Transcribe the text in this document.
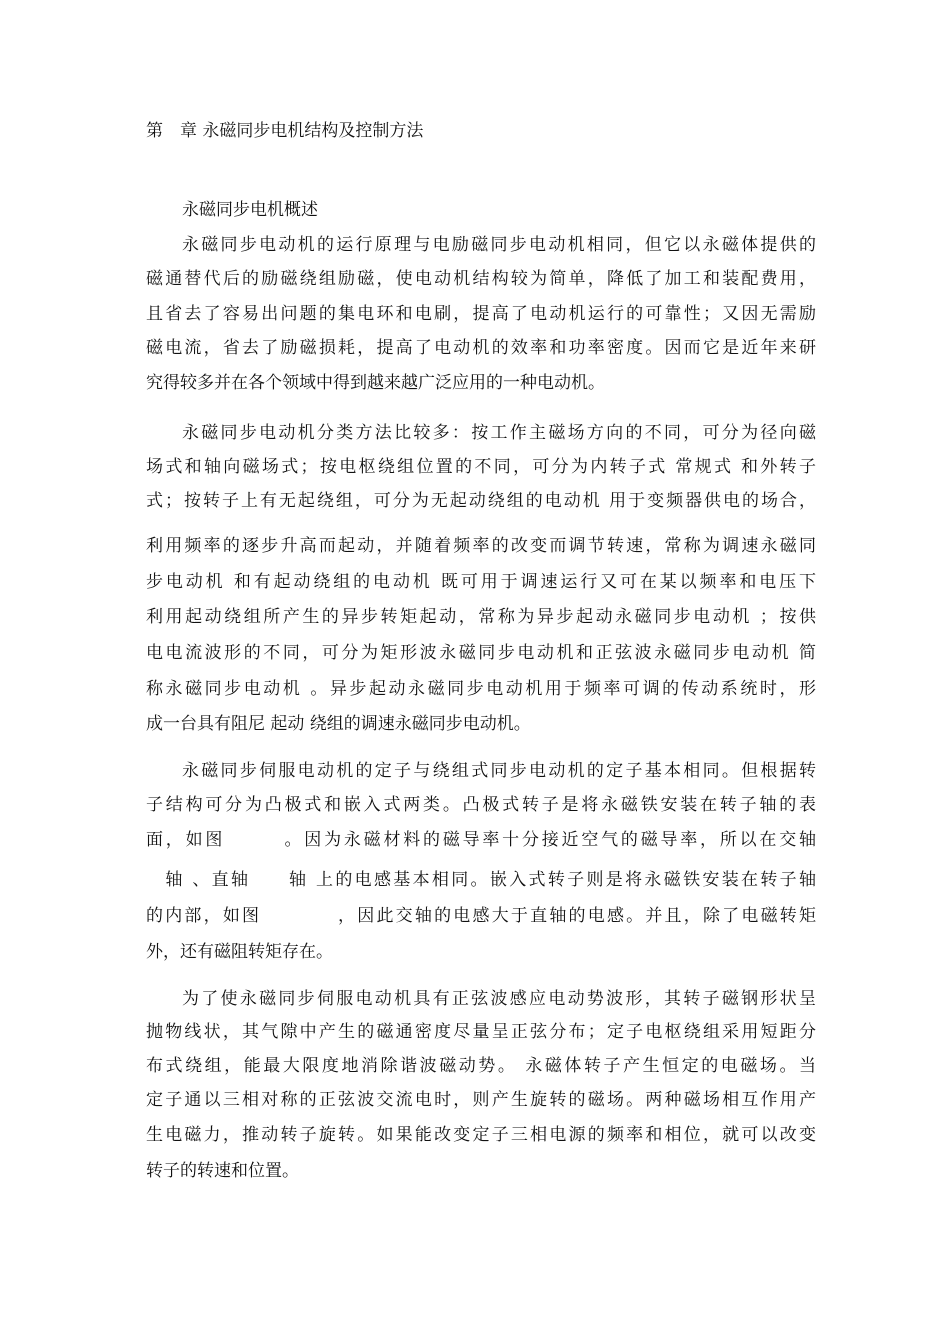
第　章 永磁同步电机结构及控制方法
永磁同步电机概述
永磁同步电动机的运行原理与电励磁同步电动机相同，但它以永磁体提供的
磁通替代后的励磁绕组励磁，使电动机结构较为简单，降低了加工和装配费用，
且省去了容易出问题的集电环和电刷，提高了电动机运行的可靠性；又因无需励
磁电流，省去了励磁损耗，提高了电动机的效率和功率密度。因而它是近年来研
究得较多并在各个领域中得到越来越广泛应用的一种电动机。
永磁同步电动机分类方法比较多：按工作主磁场方向的不同，可分为径向磁
场式和轴向磁场式；按电枢绕组位置的不同，可分为内转子式 常规式 和外转子
式；按转子上有无起绕组，可分为无起动绕组的电动机 用于变频器供电的场合，
利用频率的逐步升高而起动，并随着频率的改变而调节转速，常称为调速永磁同
步电动机 和有起动绕组的电动机 既可用于调速运行又可在某以频率和电压下
利用起动绕组所产生的异步转矩起动，常称为异步起动永磁同步电动机 ；按供
电电流波形的不同，可分为矩形波永磁同步电动机和正弦波永磁同步电动机 简
称永磁同步电动机 。异步起动永磁同步电动机用于频率可调的传动系统时，形
成一台具有阻尼 起动 绕组的调速永磁同步电动机。
永磁同步伺服电动机的定子与绕组式同步电动机的定子基本相同。但根据转
子结构可分为凸极式和嵌入式两类。凸极式转子是将永磁铁安装在转子轴的表
面，如图　　　。因为永磁材料的磁导率十分接近空气的磁导率，所以在交轴
　轴 、直轴　　轴 上的电感基本相同。嵌入式转子则是将永磁铁安装在转子轴
的内部，如图　　　　，因此交轴的电感大于直轴的电感。并且，除了电磁转矩
外，还有磁阻转矩存在。
为了使永磁同步伺服电动机具有正弦波感应电动势波形，其转子磁钢形状呈
抛物线状，其气隙中产生的磁通密度尽量呈正弦分布；定子电枢绕组采用短距分
布式绕组，能最大限度地消除谐波磁动势。 永磁体转子产生恒定的电磁场。当
定子通以三相对称的正弦波交流电时，则产生旋转的磁场。两种磁场相互作用产
生电磁力，推动转子旋转。如果能改变定子三相电源的频率和相位，就可以改变
转子的转速和位置。
